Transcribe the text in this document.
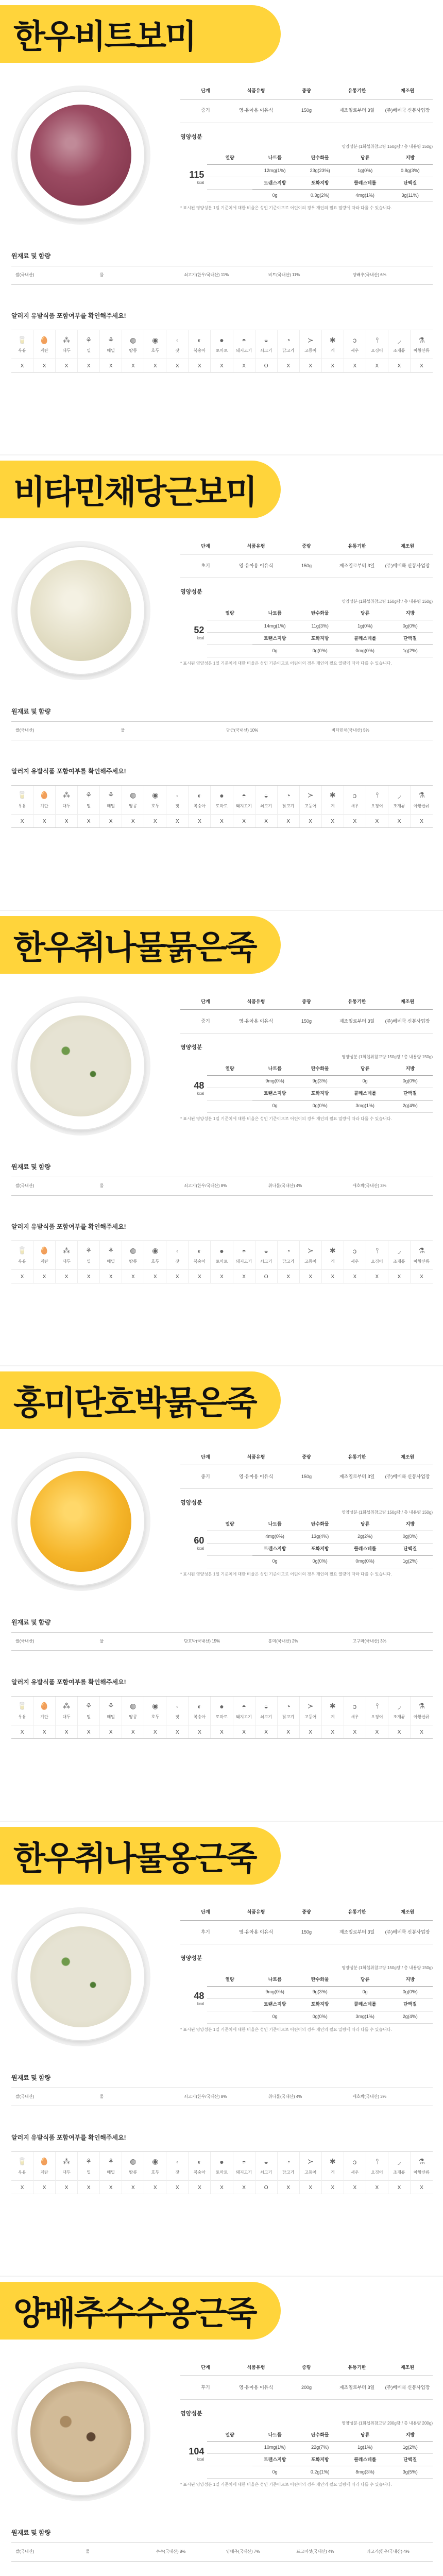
한우비트보미
단계	식품유형	중량	유통기한	제조원
중기	영·유아용 이유식	150g	제조일로부터 3일	(주)베베쿡 신봉사업장
영양성분
영양성분 (1회섭취참고량 150g당 / 총 내용량 150g)
115
kcal
열량	나트륨	탄수화물	당류	지방
	12mg(1%)	23g(23%)	1g(0%)	0.8g(3%)
	트랜스지방	포화지방	콜레스테롤	단백질
	0g	0.3g(2%)	4mg(1%)	3g(11%)
* 표시된 영양성분 1일 기준치에 대한 비율은 성인 기준이므로 어린이의 경우 개인의 필요 열량에 따라 다를 수 있습니다.
원재료 및 함량
쌀(국내산)	물	쇠고기(한우/국내산) 11%	비트(국내산) 11%	양배추(국내산) 6%
알러지 유발식품 포함여부를 확인해주세요!
🥛
우유
X
🥚
계란
X
⁂
대두
X
⚘
밀
X
⚘
메밀
X
◍
땅콩
X
◉
호두
X
◦
잣
X
◐
복숭아
X
●
토마토
X
◓
돼지고기
X
◒
쇠고기
O
◔
닭고기
X
≻
고등어
X
✱
게
X
ↄ
새우
X
⫯
오징어
X
◞
조개류
X
⚗
아황산류
X
비타민채당근보미
단계	식품유형	중량	유통기한	제조원
초기	영·유아용 이유식	150g	제조일로부터 3일	(주)베베쿡 신봉사업장
영양성분
영양성분 (1회섭취참고량 150g당 / 총 내용량 150g)
52
kcal
열량	나트륨	탄수화물	당류	지방
	14mg(1%)	11g(3%)	1g(0%)	0g(0%)
	트랜스지방	포화지방	콜레스테롤	단백질
	0g	0g(0%)	0mg(0%)	1g(2%)
* 표시된 영양성분 1일 기준치에 대한 비율은 성인 기준이므로 어린이의 경우 개인의 필요 열량에 따라 다를 수 있습니다.
원재료 및 함량
쌀(국내산)	물	당근(국내산) 10%	비타민채(국내산) 5%
알러지 유발식품 포함여부를 확인해주세요!
🥛
우유
X
🥚
계란
X
⁂
대두
X
⚘
밀
X
⚘
메밀
X
◍
땅콩
X
◉
호두
X
◦
잣
X
◐
복숭아
X
●
토마토
X
◓
돼지고기
X
◒
쇠고기
X
◔
닭고기
X
≻
고등어
X
✱
게
X
ↄ
새우
X
⫯
오징어
X
◞
조개류
X
⚗
아황산류
X
한우취나물묽은죽
단계	식품유형	중량	유통기한	제조원
중기	영·유아용 이유식	150g	제조일로부터 3일	(주)베베쿡 신봉사업장
영양성분
영양성분 (1회섭취참고량 150g당 / 총 내용량 150g)
48
kcal
열량	나트륨	탄수화물	당류	지방
	9mg(0%)	9g(3%)	0g	0g(0%)
	트랜스지방	포화지방	콜레스테롤	단백질
	0g	0g(0%)	3mg(1%)	2g(4%)
* 표시된 영양성분 1일 기준치에 대한 비율은 성인 기준이므로 어린이의 경우 개인의 필요 열량에 따라 다를 수 있습니다.
원재료 및 함량
쌀(국내산)	물	쇠고기(한우/국내산) 8%	취나물(국내산) 4%	애호박(국내산) 3%
알러지 유발식품 포함여부를 확인해주세요!
🥛
우유
X
🥚
계란
X
⁂
대두
X
⚘
밀
X
⚘
메밀
X
◍
땅콩
X
◉
호두
X
◦
잣
X
◐
복숭아
X
●
토마토
X
◓
돼지고기
X
◒
쇠고기
O
◔
닭고기
X
≻
고등어
X
✱
게
X
ↄ
새우
X
⫯
오징어
X
◞
조개류
X
⚗
아황산류
X
홍미단호박묽은죽
단계	식품유형	중량	유통기한	제조원
중기	영·유아용 이유식	150g	제조일로부터 3일	(주)베베쿡 신봉사업장
영양성분
영양성분 (1회섭취참고량 150g당 / 총 내용량 150g)
60
kcal
열량	나트륨	탄수화물	당류	지방
	4mg(0%)	13g(4%)	2g(2%)	0g(0%)
	트랜스지방	포화지방	콜레스테롤	단백질
	0g	0g(0%)	0mg(0%)	1g(2%)
* 표시된 영양성분 1일 기준치에 대한 비율은 성인 기준이므로 어린이의 경우 개인의 필요 열량에 따라 다를 수 있습니다.
원재료 및 함량
쌀(국내산)	물	단호박(국내산) 15%	홍미(국내산) 2%	고구마(국내산) 3%
알러지 유발식품 포함여부를 확인해주세요!
🥛
우유
X
🥚
계란
X
⁂
대두
X
⚘
밀
X
⚘
메밀
X
◍
땅콩
X
◉
호두
X
◦
잣
X
◐
복숭아
X
●
토마토
X
◓
돼지고기
X
◒
쇠고기
X
◔
닭고기
X
≻
고등어
X
✱
게
X
ↄ
새우
X
⫯
오징어
X
◞
조개류
X
⚗
아황산류
X
한우취나물옹근죽
단계	식품유형	중량	유통기한	제조원
후기	영·유아용 이유식	150g	제조일로부터 3일	(주)베베쿡 신봉사업장
영양성분
영양성분 (1회섭취참고량 150g당 / 총 내용량 150g)
48
kcal
열량	나트륨	탄수화물	당류	지방
	9mg(0%)	9g(3%)	0g	0g(0%)
	트랜스지방	포화지방	콜레스테롤	단백질
	0g	0g(0%)	3mg(1%)	2g(4%)
* 표시된 영양성분 1일 기준치에 대한 비율은 성인 기준이므로 어린이의 경우 개인의 필요 열량에 따라 다를 수 있습니다.
원재료 및 함량
쌀(국내산)	물	쇠고기(한우/국내산) 8%	취나물(국내산) 4%	애호박(국내산) 3%
알러지 유발식품 포함여부를 확인해주세요!
🥛
우유
X
🥚
계란
X
⁂
대두
X
⚘
밀
X
⚘
메밀
X
◍
땅콩
X
◉
호두
X
◦
잣
X
◐
복숭아
X
●
토마토
X
◓
돼지고기
X
◒
쇠고기
O
◔
닭고기
X
≻
고등어
X
✱
게
X
ↄ
새우
X
⫯
오징어
X
◞
조개류
X
⚗
아황산류
X
양배추수수옹근죽
단계	식품유형	중량	유통기한	제조원
후기	영·유아용 이유식	200g	제조일로부터 3일	(주)베베쿡 신봉사업장
영양성분
영양성분 (1회섭취참고량 200g당 / 총 내용량 200g)
104
kcal
열량	나트륨	탄수화물	당류	지방
	10mg(1%)	22g(7%)	1g(1%)	1g(2%)
	트랜스지방	포화지방	콜레스테롤	단백질
	0g	0.2g(1%)	8mg(3%)	3g(5%)
* 표시된 영양성분 1일 기준치에 대한 비율은 성인 기준이므로 어린이의 경우 개인의 필요 열량에 따라 다를 수 있습니다.
원재료 및 함량
쌀(국내산)	물	수수(국내산) 8%	양배추(국내산) 7%	표고버섯(국내산) 4%	쇠고기(한우/국내산) 4%
